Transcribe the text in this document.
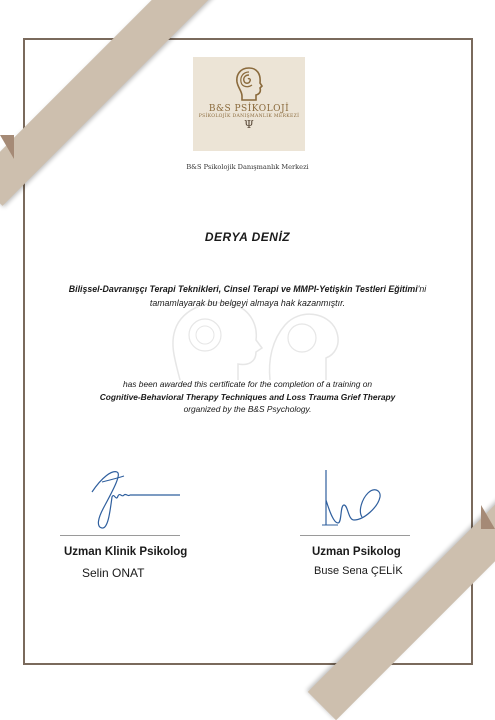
B&S PSİKOLOJİ
PSİKOLOJİK DANIŞMANLIK MERKEZİ
Ψ
B&S Psikolojik Danışmanlık Merkezi
DERYA DENİZ
Bilişsel-Davranışçı Terapi Teknikleri, Cinsel Terapi ve MMPI-Yetişkin Testleri Eğitimi'ni tamamlayarak bu belgeyi almaya hak kazanmıştır.
has been awarded this certificate for the completion of a training on
Cognitive-Behavioral Therapy Techniques and Loss Trauma Grief Therapy
organized by the B&S Psychology.
Uzman Klinik Psikolog
Selin ONAT
Uzman Psikolog
Buse Sena ÇELİK
